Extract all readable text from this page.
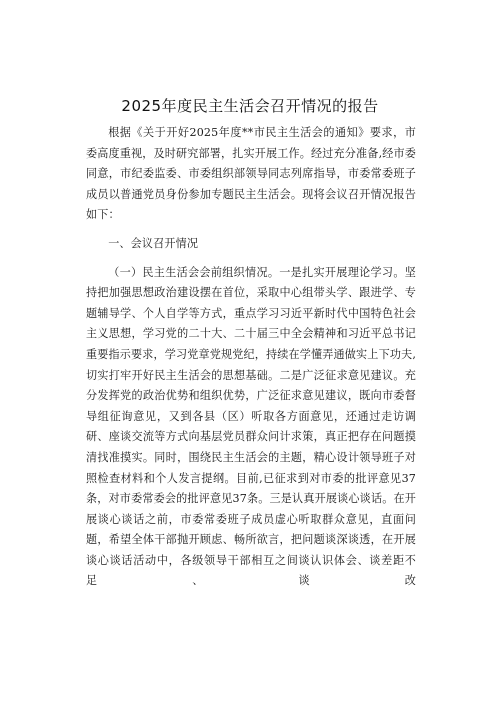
2025年度民主生活会召开情况的报告

根据《关于开好2025年度**市民主生活会的通知》要求，市委高度重视，及时研究部署，扎实开展工作。经过充分准备,经市委同意，市纪委监委、市委组织部领导同志列席指导，市委常委班子成员以普通党员身份参加专题民主生活会。现将会议召开情况报告如下：

一、会议召开情况

（一）民主生活会会前组织情况。一是扎实开展理论学习。坚持把加强思想政治建设摆在首位，采取中心组带头学、跟进学、专题辅导学、个人自学等方式，重点学习习近平新时代中国特色社会主义思想，学习党的二十大、二十届三中全会精神和习近平总书记重要指示要求，学习党章党规党纪，持续在学懂弄通做实上下功夫,切实打牢开好民主生活会的思想基础。二是广泛征求意见建议。充分发挥党的政治优势和组织优势，广泛征求意见建议，既向市委督导组征询意见，又到各县（区）听取各方面意见，还通过走访调研、座谈交流等方式向基层党员群众问计求策，真正把存在问题摸清找准摸实。同时，围绕民主生活会的主题，精心设计领导班子对照检查材料和个人发言提纲。目前,已征求到对市委的批评意见37条，对市委常委会的批评意见37条。三是认真开展谈心谈话。在开展谈心谈话之前，市委常委班子成员虚心听取群众意见，直面问题，希望全体干部抛开顾虑、畅所欲言，把问题谈深谈透，在开展谈心谈话活动中，各级领导干部相互之间谈认识体会、谈差距不足、谈改
